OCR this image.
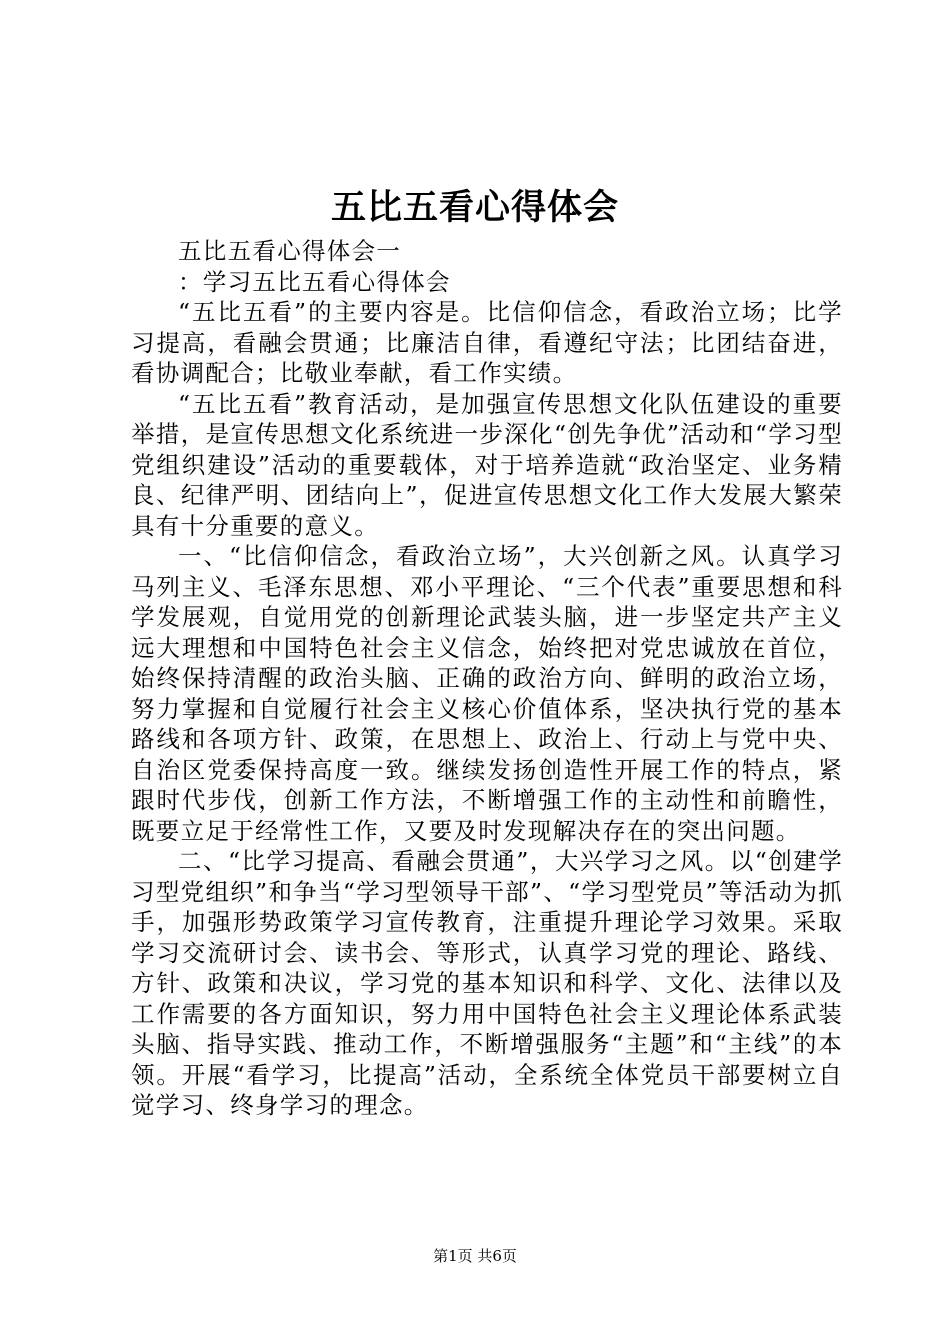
五比五看心得体会

五比五看心得体会一

：学习五比五看心得体会

“五比五看”的主要内容是。比信仰信念，看政治立场；比学习提高，看融会贯通；比廉洁自律，看遵纪守法；比团结奋进，看协调配合；比敬业奉献，看工作实绩。

“五比五看”教育活动，是加强宣传思想文化队伍建设的重要举措，是宣传思想文化系统进一步深化“创先争优”活动和“学习型党组织建设”活动的重要载体，对于培养造就“政治坚定、业务精良、纪律严明、团结向上”，促进宣传思想文化工作大发展大繁荣具有十分重要的意义。

一、“比信仰信念，看政治立场”，大兴创新之风。认真学习马列主义、毛泽东思想、邓小平理论、“三个代表”重要思想和科学发展观，自觉用党的创新理论武装头脑，进一步坚定共产主义远大理想和中国特色社会主义信念，始终把对党忠诚放在首位，始终保持清醒的政治头脑、正确的政治方向、鲜明的政治立场，努力掌握和自觉履行社会主义核心价值体系，坚决执行党的基本路线和各项方针、政策，在思想上、政治上、行动上与党中央、自治区党委保持高度一致。继续发扬创造性开展工作的特点，紧跟时代步伐，创新工作方法，不断增强工作的主动性和前瞻性，既要立足于经常性工作，又要及时发现解决存在的突出问题。

二、“比学习提高、看融会贯通”，大兴学习之风。以“创建学习型党组织”和争当“学习型领导干部”、“学习型党员”等活动为抓手，加强形势政策学习宣传教育，注重提升理论学习效果。采取学习交流研讨会、读书会、等形式，认真学习党的理论、路线、方针、政策和决议，学习党的基本知识和科学、文化、法律以及工作需要的各方面知识，努力用中国特色社会主义理论体系武装头脑、指导实践、推动工作，不断增强服务“主题”和“主线”的本领。开展“看学习，比提高”活动，全系统全体党员干部要树立自觉学习、终身学习的理念。

第1页 共6页
